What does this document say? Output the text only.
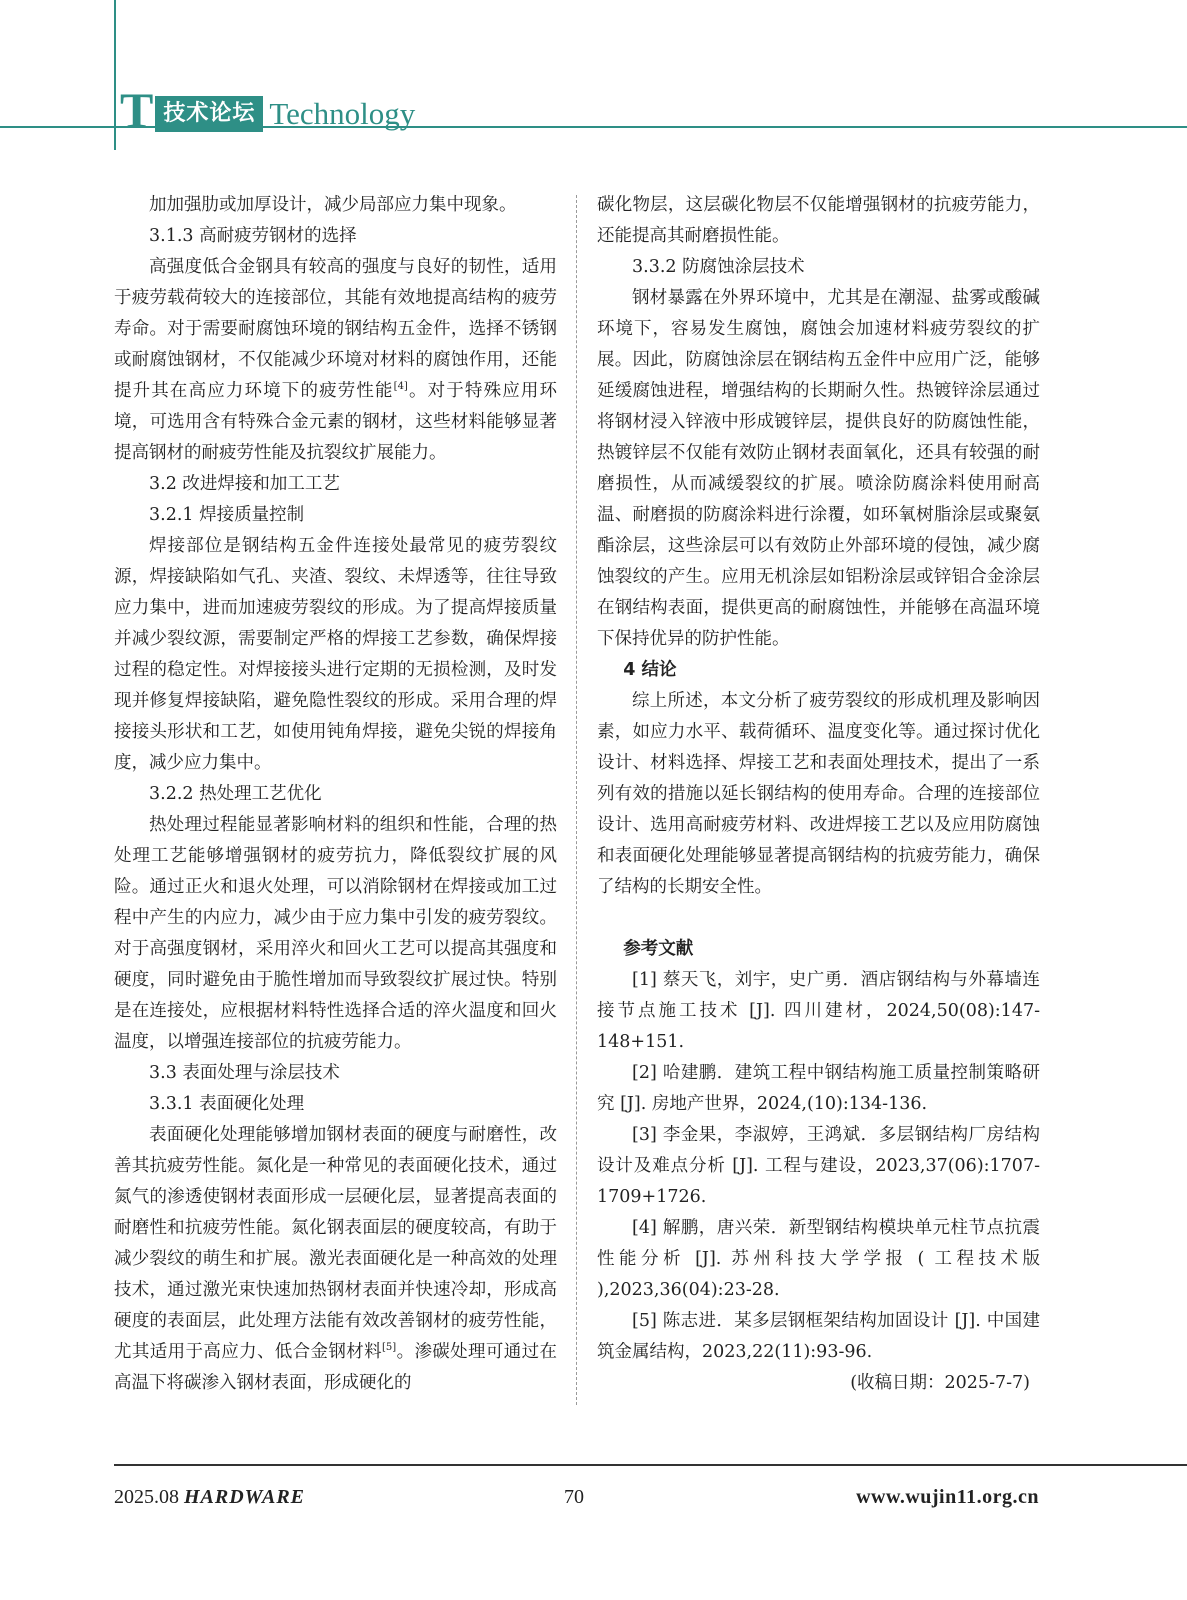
T 技术论坛 Technology

加加强肋或加厚设计，减少局部应力集中现象。

3.1.3 高耐疲劳钢材的选择

高强度低合金钢具有较高的强度与良好的韧性，适用于疲劳载荷较大的连接部位，其能有效地提高结构的疲劳寿命。对于需要耐腐蚀环境的钢结构五金件，选择不锈钢或耐腐蚀钢材，不仅能减少环境对材料的腐蚀作用，还能提升其在高应力环境下的疲劳性能[4]。对于特殊应用环境，可选用含有特殊合金元素的钢材，这些材料能够显著提高钢材的耐疲劳性能及抗裂纹扩展能力。

3.2 改进焊接和加工工艺

3.2.1 焊接质量控制

焊接部位是钢结构五金件连接处最常见的疲劳裂纹源，焊接缺陷如气孔、夹渣、裂纹、未焊透等，往往导致应力集中，进而加速疲劳裂纹的形成。为了提高焊接质量并减少裂纹源，需要制定严格的焊接工艺参数，确保焊接过程的稳定性。对焊接接头进行定期的无损检测，及时发现并修复焊接缺陷，避免隐性裂纹的形成。采用合理的焊接接头形状和工艺，如使用钝角焊接，避免尖锐的焊接角度，减少应力集中。

3.2.2 热处理工艺优化

热处理过程能显著影响材料的组织和性能，合理的热处理工艺能够增强钢材的疲劳抗力，降低裂纹扩展的风险。通过正火和退火处理，可以消除钢材在焊接或加工过程中产生的内应力，减少由于应力集中引发的疲劳裂纹。对于高强度钢材，采用淬火和回火工艺可以提高其强度和硬度，同时避免由于脆性增加而导致裂纹扩展过快。特别是在连接处，应根据材料特性选择合适的淬火温度和回火温度，以增强连接部位的抗疲劳能力。

3.3 表面处理与涂层技术

3.3.1 表面硬化处理

表面硬化处理能够增加钢材表面的硬度与耐磨性，改善其抗疲劳性能。氮化是一种常见的表面硬化技术，通过氮气的渗透使钢材表面形成一层硬化层，显著提高表面的耐磨性和抗疲劳性能。氮化钢表面层的硬度较高，有助于减少裂纹的萌生和扩展。激光表面硬化是一种高效的处理技术，通过激光束快速加热钢材表面并快速冷却，形成高硬度的表面层，此处理方法能有效改善钢材的疲劳性能，尤其适用于高应力、低合金钢材料[5]。渗碳处理可通过在高温下将碳渗入钢材表面，形成硬化的

碳化物层，这层碳化物层不仅能增强钢材的抗疲劳能力，还能提高其耐磨损性能。

3.3.2 防腐蚀涂层技术

钢材暴露在外界环境中，尤其是在潮湿、盐雾或酸碱环境下，容易发生腐蚀，腐蚀会加速材料疲劳裂纹的扩展。因此，防腐蚀涂层在钢结构五金件中应用广泛，能够延缓腐蚀进程，增强结构的长期耐久性。热镀锌涂层通过将钢材浸入锌液中形成镀锌层，提供良好的防腐蚀性能，热镀锌层不仅能有效防止钢材表面氧化，还具有较强的耐磨损性，从而减缓裂纹的扩展。喷涂防腐涂料使用耐高温、耐磨损的防腐涂料进行涂覆，如环氧树脂涂层或聚氨酯涂层，这些涂层可以有效防止外部环境的侵蚀，减少腐蚀裂纹的产生。应用无机涂层如铝粉涂层或锌铝合金涂层在钢结构表面，提供更高的耐腐蚀性，并能够在高温环境下保持优异的防护性能。

4 结论

综上所述，本文分析了疲劳裂纹的形成机理及影响因素，如应力水平、载荷循环、温度变化等。通过探讨优化设计、材料选择、焊接工艺和表面处理技术，提出了一系列有效的措施以延长钢结构的使用寿命。合理的连接部位设计、选用高耐疲劳材料、改进焊接工艺以及应用防腐蚀和表面硬化处理能够显著提高钢结构的抗疲劳能力，确保了结构的长期安全性。

参考文献

[1] 蔡天飞，刘宇，史广勇．酒店钢结构与外幕墙连接节点施工技术 [J]. 四川建材，2024,50(08):147-148+151.

[2] 哈建鹏．建筑工程中钢结构施工质量控制策略研究 [J]. 房地产世界，2024,(10):134-136.

[3] 李金果，李淑婷，王鸿斌．多层钢结构厂房结构设计及难点分析 [J]. 工程与建设，2023,37(06):1707-1709+1726.

[4] 解鹏，唐兴荣．新型钢结构模块单元柱节点抗震性能分析 [J]. 苏州科技大学学报 ( 工程技术版 ),2023,36(04):23-28.

[5] 陈志进．某多层钢框架结构加固设计 [J]. 中国建筑金属结构，2023,22(11):93-96.

(收稿日期：2025-7-7)

2025.08 HARDWARE	70	www.wujin11.org.cn
